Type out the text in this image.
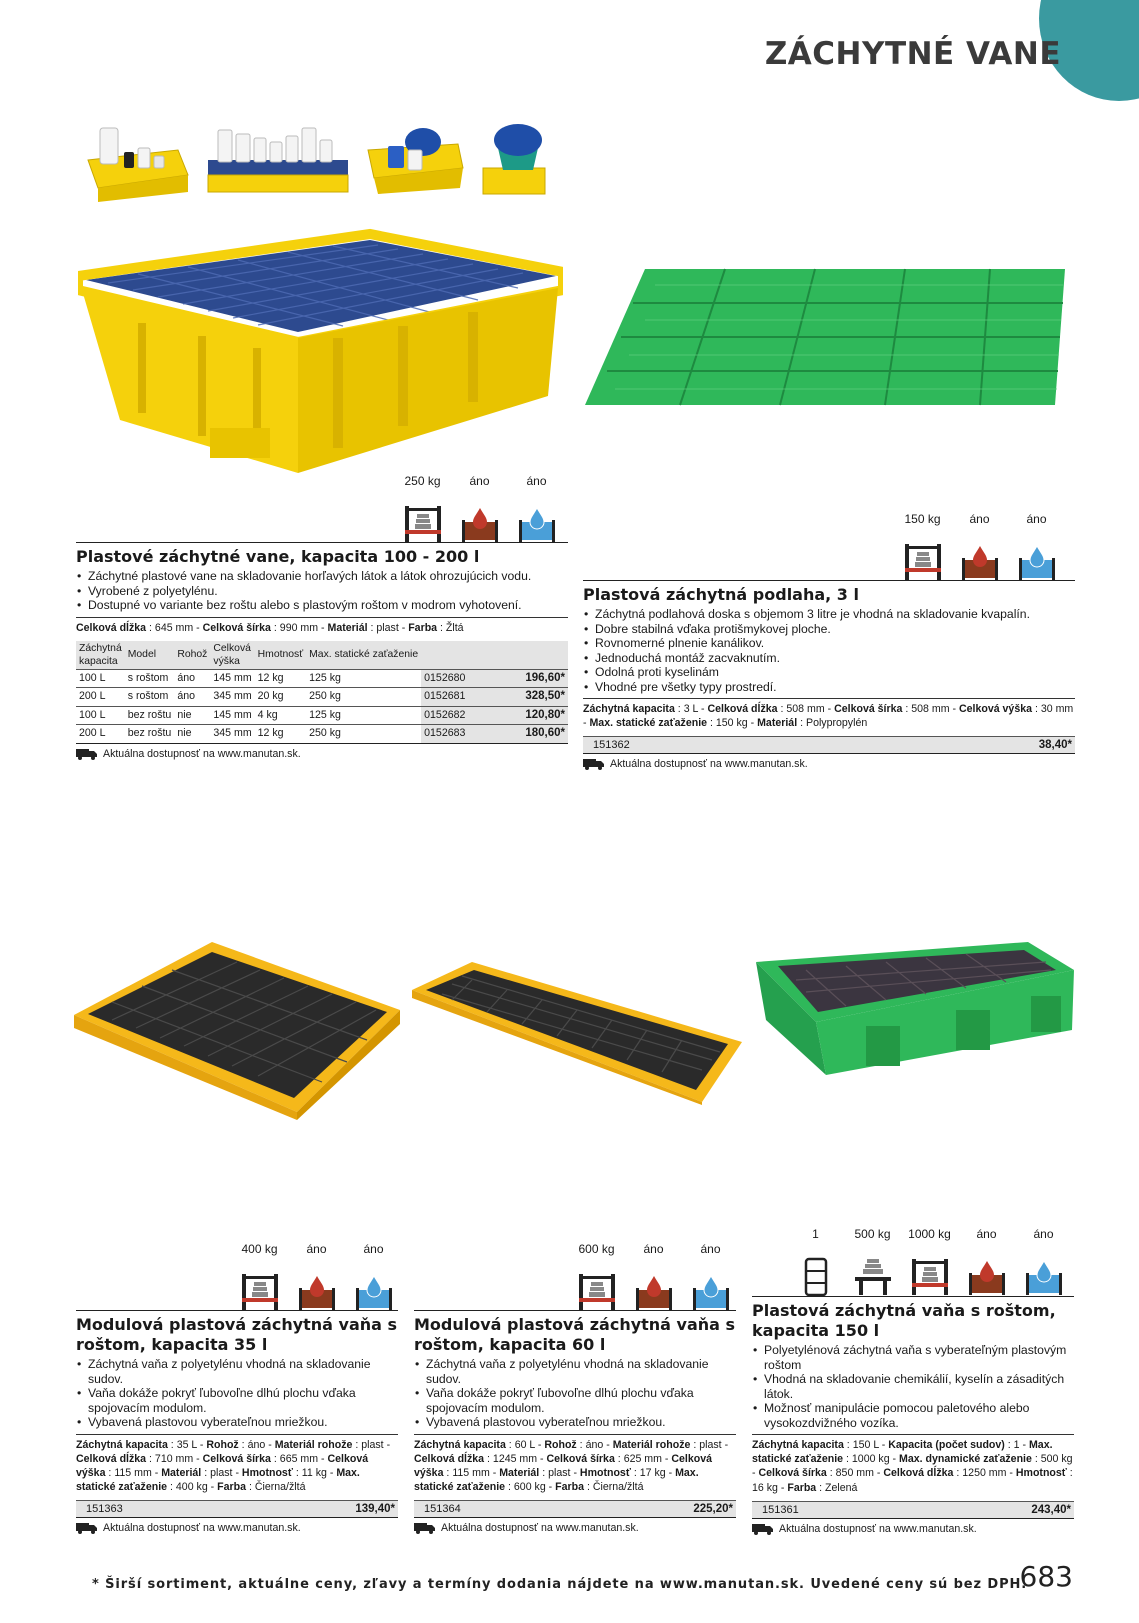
ZÁCHYTNÉ VANE
250 kg áno	áno
Plastové záchytné vane, kapacita 100 - 200 l
• Záchytné plastové vane na skladovanie horľavých látok a látok ohrozujúcich vodu.
• Vyrobené z polyetylénu.
• Dostupné vo variante bez roštu alebo s plastovým roštom v modrom vyhotovení.
Celková dĺžka : 645 mm - Celková šírka : 990 mm - Materiál : plast - Farba : Žltá
Záchytná kapacita	Model	Rohož	Celková výška	Hmotnosť	Max. statické zaťaženie		
100 L	s roštom	áno	145 mm	12 kg	125 kg	0152680	196,60*
200 L	s roštom	áno	345 mm	20 kg	250 kg	0152681	328,50*
100 L	bez roštu	nie	145 mm	4 kg	125 kg	0152682	120,80*
200 L	bez roštu	nie	345 mm	12 kg	250 kg	0152683	180,60*
Aktuálna dostupnosť na www.manutan.sk.
150 kg áno	áno
Plastová záchytná podlaha, 3 l
• Záchytná podlahová doska s objemom 3 litre je vhodná na skladovanie kvapalín.
• Dobre stabilná vďaka protišmykovej ploche.
• Rovnomerné plnenie kanálikov.
• Jednoduchá montáž zacvaknutím.
• Odolná proti kyselinám
• Vhodné pre všetky typy prostredí.
Záchytná kapacita : 3 L - Celková dĺžka : 508 mm - Celková šírka : 508 mm - Celková výška : 30 mm - Max. statické zaťaženie : 150 kg - Materiál : Polypropylén
151362	38,40*
Aktuálna dostupnosť na www.manutan.sk.
400 kg áno	áno
Modulová plastová záchytná vaňa s roštom, kapacita 35 l
• Záchytná vaňa z polyetylénu vhodná na skladovanie sudov.
• Vaňa dokáže pokryť ľubovoľne dlhú plochu vďaka spojovacím modulom.
• Vybavená plastovou vyberateľnou mriežkou.
Záchytná kapacita : 35 L - Rohož : áno - Materiál rohože : plast - Celková dĺžka : 710 mm - Celková šírka : 665 mm - Celková výška : 115 mm - Materiál : plast - Hmotnosť : 11 kg - Max. statické zaťaženie : 400 kg - Farba : Čierna/žltá
151363	139,40*
Aktuálna dostupnosť na www.manutan.sk.
600 kg áno	áno
Modulová plastová záchytná vaňa s roštom, kapacita 60 l
• Záchytná vaňa z polyetylénu vhodná na skladovanie sudov.
• Vaňa dokáže pokryť ľubovoľne dlhú plochu vďaka spojovacím modulom.
• Vybavená plastovou vyberateľnou mriežkou.
Záchytná kapacita : 60 L - Rohož : áno - Materiál rohože : plast - Celková dĺžka : 1245 mm - Celková šírka : 625 mm - Celková výška : 115 mm - Materiál : plast - Hmotnosť : 17 kg - Max. statické zaťaženie : 600 kg - Farba : Čierna/žltá
151364	225,20*
Aktuálna dostupnosť na www.manutan.sk.
1	500 kg 1000 kg áno	áno
Plastová záchytná vaňa s roštom, kapacita 150 l
• Polyetylénová záchytná vaňa s vyberateľným plastovým roštom
• Vhodná na skladovanie chemikálií, kyselín a zásaditých látok.
• Možnosť manipulácie pomocou paletového alebo vysokozdvižného vozíka.
Záchytná kapacita : 150 L - Kapacita (počet sudov) : 1 - Max. statické zaťaženie : 1000 kg - Max. dynamické zaťaženie : 500 kg - Celková šírka : 850 mm - Celková dĺžka : 1250 mm - Hmotnosť : 16 kg - Farba : Zelená
151361	243,40*
Aktuálna dostupnosť na www.manutan.sk.
* Širší sortiment, aktuálne ceny, zľavy a termíny dodania nájdete na www.manutan.sk. Uvedené ceny sú bez DPH.
683
